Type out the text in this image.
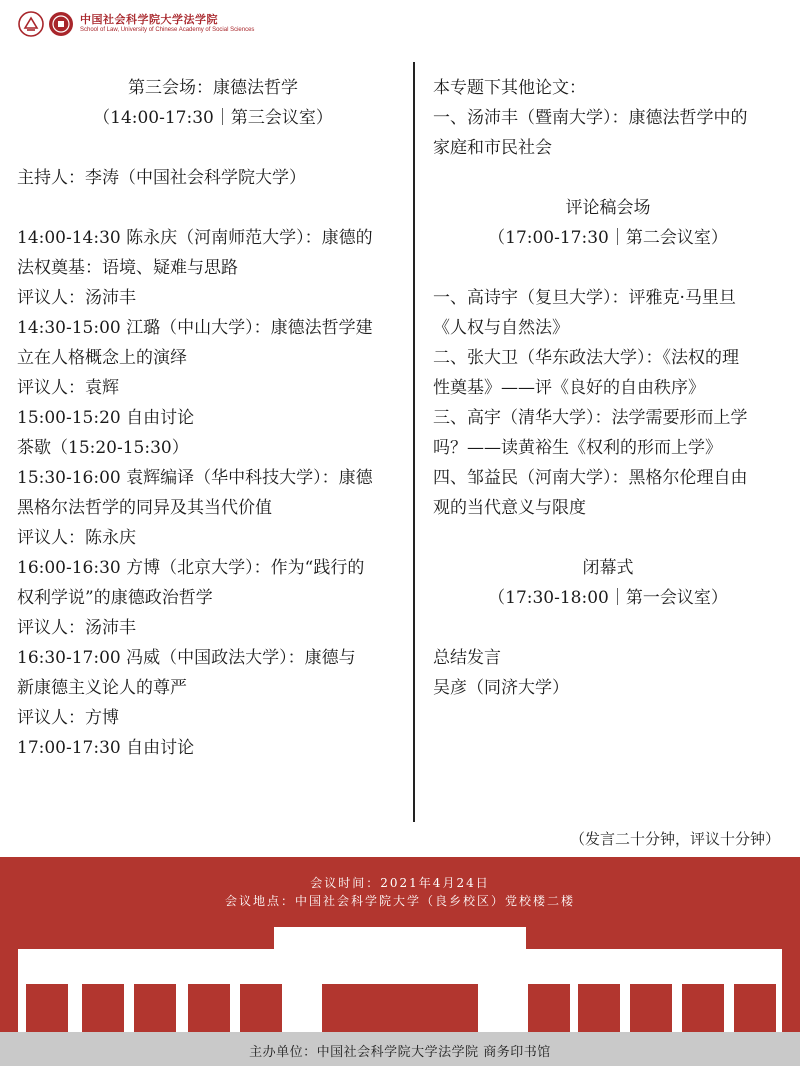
中国社会科学院大学法学院
School of Law, University of Chinese Academy of Social Sciences

第三会场：康德法哲学

（14:00-17:30｜第三会议室）

主持人：李涛（中国社会科学院大学）

14:00-14:30 陈永庆（河南师范大学）：康德的

法权奠基：语境、疑难与思路

评议人：汤沛丰

14:30-15:00 江璐（中山大学）：康德法哲学建

立在人格概念上的演绎

评议人：袁辉

15:00-15:20 自由讨论

茶歇（15:20-15:30）

15:30-16:00 袁辉编译（华中科技大学）：康德

黑格尔法哲学的同异及其当代价值

评议人：陈永庆

16:00-16:30 方博（北京大学）：作为“践行的

权利学说”的康德政治哲学

评议人：汤沛丰

16:30-17:00 冯威（中国政法大学）：康德与

新康德主义论人的尊严

评议人：方博

17:00-17:30 自由讨论

本专题下其他论文：

一、汤沛丰（暨南大学）：康德法哲学中的

家庭和市民社会

评论稿会场

（17:00-17:30｜第二会议室）

一、高诗宇（复旦大学）：评雅克·马里旦

《人权与自然法》

二、张大卫（华东政法大学）：《法权的理

性奠基》——评《良好的自由秩序》

三、高宇（清华大学）：法学需要形而上学

吗？——读黄裕生《权利的形而上学》

四、邹益民（河南大学）：黑格尔伦理自由

观的当代意义与限度

闭幕式

（17:30-18:00｜第一会议室）

总结发言

吴彦（同济大学）

（发言二十分钟，评议十分钟）
会议时间：2021年4月24日
会议地点：中国社会科学院大学（良乡校区）党校楼二楼
主办单位：中国社会科学院大学法学院 商务印书馆
